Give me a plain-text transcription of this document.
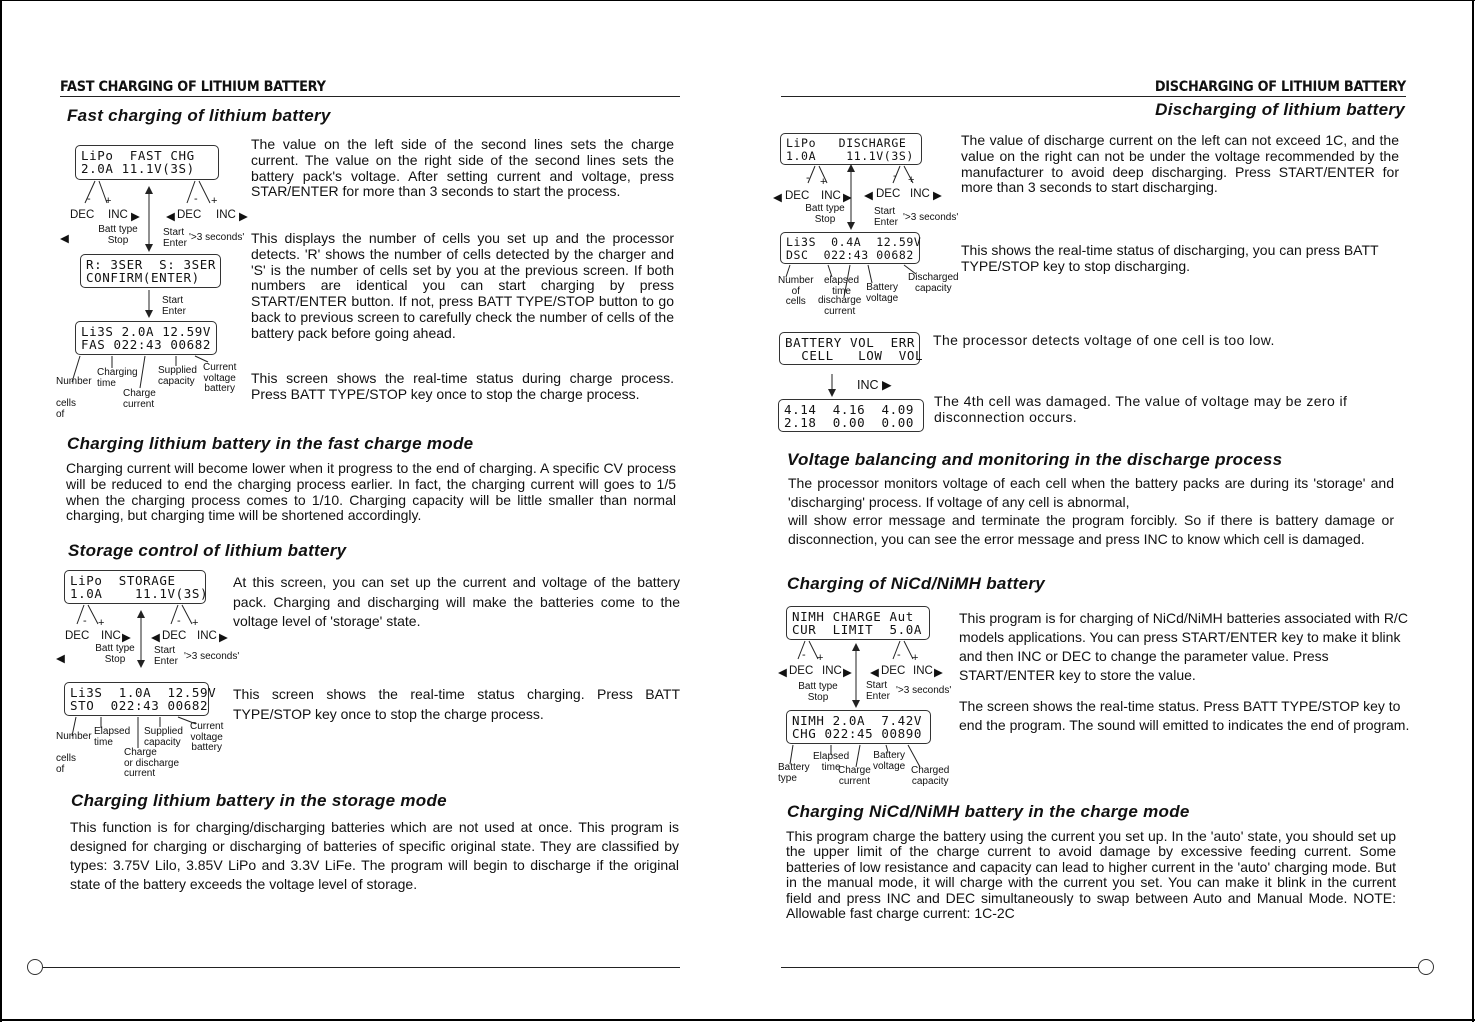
FAST CHARGING OF LITHIUM BATTERY
Fast charging of lithium battery
LiPo  FAST CHG
2.0A 11.1V(3S)
R: 3SER  S: 3SER
CONFIRM(ENTER)
Li3S 2.0A 12.59V
FAS 022:43 00682
DEC INC ▶ ◀ DEC INC ▶
◀
- +	- +
Batt type
Stop
Start
Enter '>3 seconds'
Start
Enter
Number

cells
of
Charging
time
Charge
current
Supplied
capacity
Current
voltage
battery
The value on the left side of the second lines sets the charge current. The value on the right side of the second lines sets the battery pack's voltage. After setting current and voltage, press STAR/ENTER for more than 3 seconds to start the process.
This displays the number of cells you set up and the processor detects. 'R' shows the number of cells detected by the charger and 'S' is the number of cells set by you at the previous screen. If both numbers are identical you can start charging by press START/ENTER button. If not, press BATT TYPE/STOP button to go back to previous screen to carefully check the number of cells of the battery pack before going ahead.
This screen shows the real-time status during charge process. Press BATT TYPE/STOP key once to stop the charge process.
Charging lithium battery in the fast charge mode
Charging current will become lower when it progress to the end of charging. A specific CV process will be reduced to end the charging process earlier. In fact, the charging current will goes to 1/5 when the charging process comes to 1/10. Charging capacity will be little smaller than normal charging, but charging time will be shortened accordingly.
Storage control of lithium battery
LiPo  STORAGE
1.0A    11.1V(3S)
Li3S  1.0A  12.59V
STO  022:43 00682
DEC INC ▶ ◀ DEC INC ▶
◀
- +	- +
Batt type
Stop
Start
Enter '>3 seconds'
Number

cells
of
Elapsed
time
Charge
or discharge
current
Supplied
capacity
Current
voltage
battery
At this screen, you can set up the current and voltage of the battery pack. Charging and discharging will make the batteries come to the voltage level of 'storage' state.
This screen shows the real-time status charging. Press BATT TYPE/STOP key once to stop the charge process.
Charging lithium battery in the storage mode
This function is for charging/discharging batteries which are not used at once. This program is designed for charging or discharging of batteries of specific original state. They are classified by types: 3.75V Lilo, 3.85V LiPo and 3.3V LiFe. The program will begin to discharge if the original state of the battery exceeds the voltage level of storage.
DISCHARGING OF LITHIUM BATTERY
Discharging of lithium battery
LiPo   DISCHARGE
1.0A    11.1V(3S)
Li3S  0.4A  12.59V
DSC  022:43 00682
BATTERY VOL  ERR
CELL   LOW  VOL
4.14  4.16  4.09
2.18  0.00  0.00
◀ DEC INC ▶ ◀ DEC INC ▶
- +	- +
Batt type
Stop
Start
Enter '>3 seconds'
Number
of
cells
elapsed
time
discharge
current
Battery
voltage
Discharged
capacity
INC ▶
The value of discharge current on the left can not exceed 1C, and the value on the right can not be under the voltage recommended by the manufacturer to avoid deep discharging. Press START/ENTER for more than 3 seconds to start discharging.
This shows the real-time status of discharging, you can press BATT TYPE/STOP key to stop discharging.
The processor detects voltage of one cell is too low.
The 4th cell was damaged. The value of voltage may be zero if disconnection occurs.
Voltage balancing and monitoring in the discharge process
The processor monitors voltage of each cell when the battery packs are during its 'storage' and 'discharging' process. If voltage of any cell is abnormal,
will show error message and terminate the program forcibly. So if there is battery damage or disconnection, you can see the error message and press INC to know which cell is damaged.
Charging of NiCd/NiMH battery
NIMH CHARGE Aut
CUR  LIMIT  5.0A
NIMH 2.0A  7.42V
CHG 022:45 00890
◀ DEC INC ▶ ◀ DEC INC ▶
- +	- +
Batt type
Stop
Start
Enter '>3 seconds'
Battery
type
Elapsed
time
Charge
current
Battery
voltage Charged
capacity
This program is for charging of NiCd/NiMH batteries associated with R/C models applications. You can press START/ENTER key to make it blink and then INC or DEC to change the parameter value. Press START/ENTER key to store the value.
The screen shows the real-time status. Press BATT TYPE/STOP key to end the program. The sound will emitted to indicates the end of program.
Charging NiCd/NiMH battery in the charge mode
This program charge the battery using the current you set up. In the 'auto' state, you should set up the upper limit of the charge current to avoid damage by excessive feeding current. Some batteries of low resistance and capacity can lead to higher current in the 'auto' charging mode. But in the manual mode, it will charge with the current you set. You can make it blink in the current field and press INC and DEC simultaneously to swap between Auto and Manual Mode. NOTE: Allowable fast charge current: 1C-2C
